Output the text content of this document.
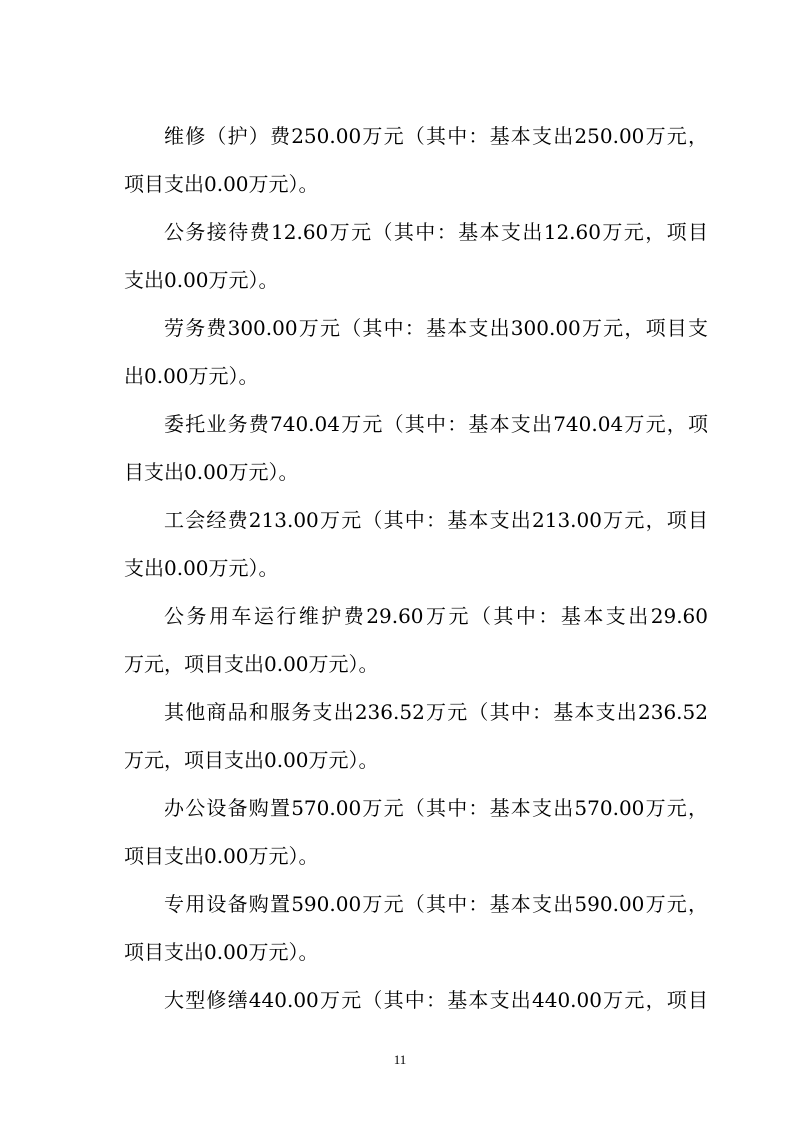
维修（护）费250.00万元（其中：基本支出250.00万元，
项目支出0.00万元）。
公务接待费12.60万元（其中：基本支出12.60万元，项目
支出0.00万元）。
劳务费300.00万元（其中：基本支出300.00万元，项目支
出0.00万元）。
委托业务费740.04万元（其中：基本支出740.04万元，项
目支出0.00万元）。
工会经费213.00万元（其中：基本支出213.00万元，项目
支出0.00万元）。
公务用车运行维护费29.60万元（其中：基本支出29.60
万元，项目支出0.00万元）。
其他商品和服务支出236.52万元（其中：基本支出236.52
万元，项目支出0.00万元）。
办公设备购置570.00万元（其中：基本支出570.00万元，
项目支出0.00万元）。
专用设备购置590.00万元（其中：基本支出590.00万元，
项目支出0.00万元）。
大型修缮440.00万元（其中：基本支出440.00万元，项目
11
